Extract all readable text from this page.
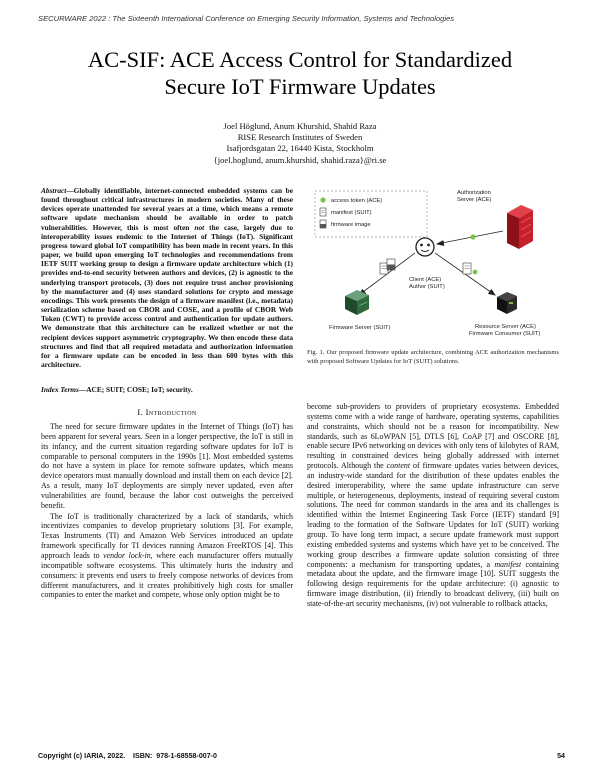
SECURWARE 2022 : The Sixteenth International Conference on Emerging Security Information, Systems and Technologies
AC-SIF: ACE Access Control for Standardized
Secure IoT Firmware Updates
Joel Höglund, Anum Khurshid, Shahid Raza
RISE Research Institutes of Sweden
Isafjordsgatan 22, 16440 Kista, Stockholm
{joel.hoglund, anum.khurshid, shahid.raza}@ri.se
Abstract—Globally identifiable, internet-connected embedded systems can be found throughout critical infrastructures in modern societies. Many of these devices operate unattended for several years at a time, which means a remote software update mechanism should be available in order to patch vulnerabilities. However, this is most often not the case, largely due to interoperability issues endemic to the Internet of Things (IoT). Significant progress toward global IoT compatibility has been made in recent years. In this paper, we build upon emerging IoT technologies and recommendations from IETF SUIT working group to design a firmware update architecture which (1) provides end-to-end security between authors and devices, (2) is agnostic to the underlying transport protocols, (3) does not require trust anchor provisioning by the manufacturer and (4) uses standard solutions for crypto and message encodings. This work presents the design of a firmware manifest (i.e., metadata) serialization scheme based on CBOR and COSE, and a profile of CBOR Web Token (CWT) to provide access control and authentication for update authors. We demonstrate that this architecture can be realized whether or not the recipient devices support asymmetric cryptography. We then encode these data structures and find that all required metadata and authorization information for a firmware update can be encoded in less than 600 bytes with this architecture.
Index Terms—ACE; SUIT; COSE; IoT; security.
I. Introduction

The need for secure firmware updates in the Internet of Things (IoT) has been apparent for several years. Seen in a longer perspective, the IoT is still in its infancy, and the current situation regarding software updates for IoT is comparable to personal computers in the 1990s [1]. Most embedded systems do not have a system in place for remote software updates, which means device operators must manually download and install them on each device [2]. As a result, many IoT deployments are simply never updated, even after vulnerabilities are found, because the labor cost outweighs the perceived benefit.

The IoT is traditionally characterized by a lack of standards, which incentivizes companies to develop proprietary solutions [3]. For example, Texas Instruments (TI) and Amazon Web Services introduced an update framework specifically for TI devices running Amazon FreeRTOS [4]. This approach leads to vendor lock-in, where each manufacturer offers mutually incompatible software ecosystems. This ultimately hurts the industry and consumers: it prevents end users to freely compose networks of devices from different manufacturers, and it creates prohibitively high costs for smaller companies to enter the market and compete, whose only option might be to

access token (ACE)
manifest (SUIT)
firmware image
Authorization
Server (ACE)
Client (ACE)
Author (SUIT)
Firmware Server (SUIT)	Resource Server (ACE)
Firmware Consumer (SUIT)
Fig. 1. Our proposed firmware update architecture, combining ACE authorization mechanisms with proposed Software Updates for IoT (SUIT) solutions.

become sub-providers to providers of proprietary ecosystems. Embedded systems come with a wide range of hardware, operating systems, capabilities and constraints, which should not be a reason for incompatibility. New standards, such as 6LoWPAN [5], DTLS [6], CoAP [7] and OSCORE [8], enable secure IPv6 networking on devices with only tens of kilobytes of RAM, resulting in constrained devices being globally addressed with internet protocols. Although the content of firmware updates varies between devices, an industry-wide standard for the distribution of these updates enables the desired interoperability, where the same update infrastructure can serve multiple, or heterogeneous, deployments, instead of requiring several custom solutions. The need for common standards in the area and its challenges is identified within the Internet Engineering Task Force (IETF) standard [9] leading to the formation of the Software Updates for IoT (SUIT) working group. To have long term impact, a secure update framework must support existing embedded systems and systems which have yet to be conceived. The working group describes a firmware update solution consisting of three components: a mechanism for transporting updates, a manifest containing metadata about the update, and the firmware image [10]. SUIT suggests the following design requirements for the update architecture: (i) agnostic to firmware image distribution, (ii) friendly to broadcast delivery, (iii) built on state-of-the-art security mechanisms, (iv) not vulnerable to rollback attacks,

Copyright (c) IARIA, 2022.    ISBN:  978-1-68558-007-0	54
